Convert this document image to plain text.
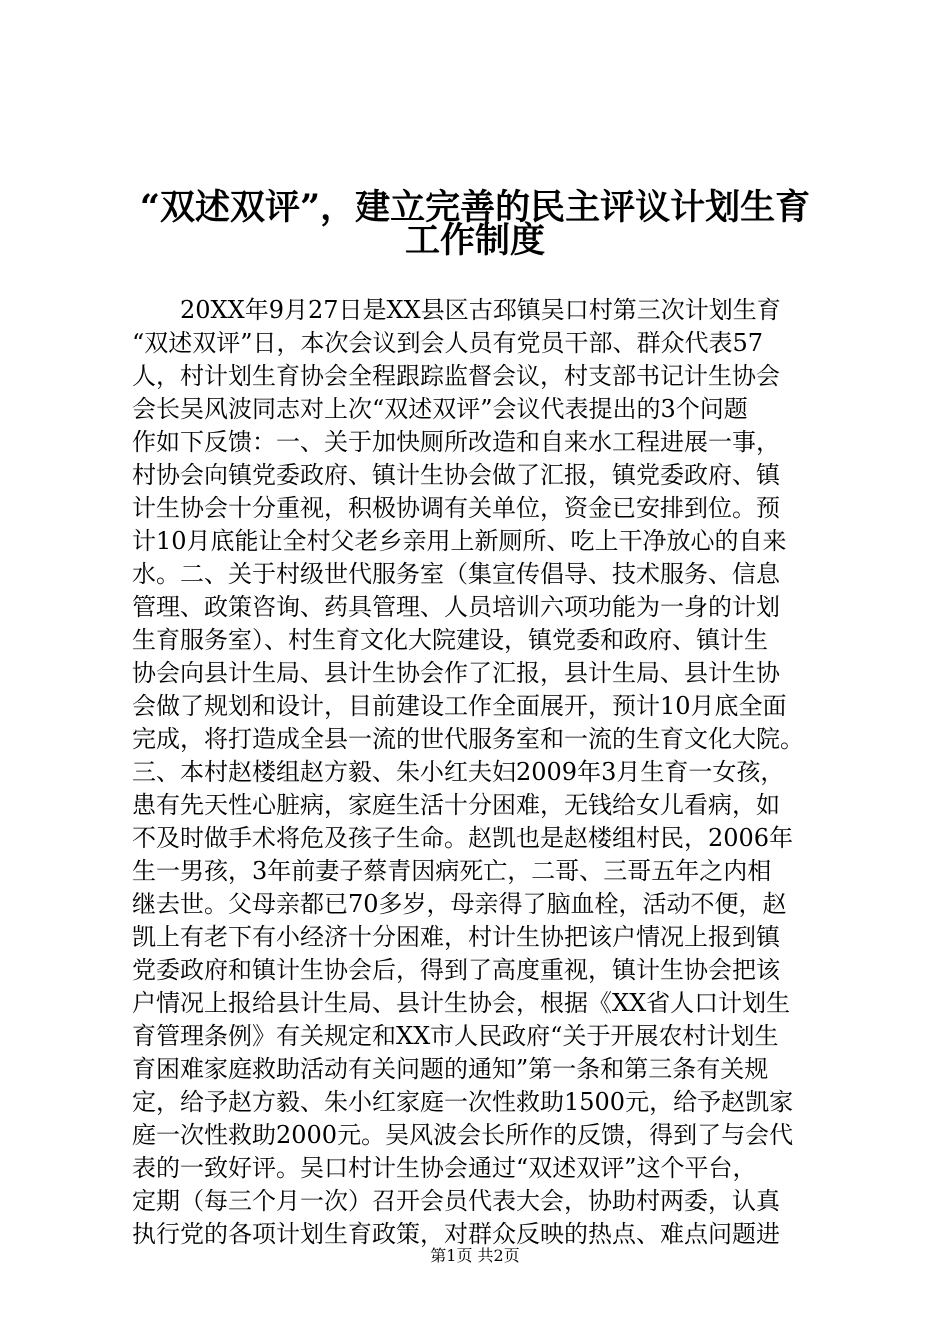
“双述双评”，建立完善的民主评议计划生育
工作制度
　　20XX年9月27日是XX县区古邳镇吴口村第三次计划生育
“双述双评”日，本次会议到会人员有党员干部、群众代表57
人，村计划生育协会全程跟踪监督会议，村支部书记计生协会
会长吴风波同志对上次“双述双评”会议代表提出的3个问题
作如下反馈：一、关于加快厕所改造和自来水工程进展一事，
村协会向镇党委政府、镇计生协会做了汇报，镇党委政府、镇
计生协会十分重视，积极协调有关单位，资金已安排到位。预
计10月底能让全村父老乡亲用上新厕所、吃上干净放心的自来
水。二、关于村级世代服务室（集宣传倡导、技术服务、信息
管理、政策咨询、药具管理、人员培训六项功能为一身的计划
生育服务室）、村生育文化大院建设，镇党委和政府、镇计生
协会向县计生局、县计生协会作了汇报，县计生局、县计生协
会做了规划和设计，目前建设工作全面展开，预计10月底全面
完成，将打造成全县一流的世代服务室和一流的生育文化大院。
三、本村赵楼组赵方毅、朱小红夫妇2009年3月生育一女孩，
患有先天性心脏病，家庭生活十分困难，无钱给女儿看病，如
不及时做手术将危及孩子生命。赵凯也是赵楼组村民，2006年
生一男孩，3年前妻子蔡青因病死亡，二哥、三哥五年之内相
继去世。父母亲都已70多岁，母亲得了脑血栓，活动不便，赵
凯上有老下有小经济十分困难，村计生协把该户情况上报到镇
党委政府和镇计生协会后，得到了高度重视，镇计生协会把该
户情况上报给县计生局、县计生协会，根据《XX省人口计划生
育管理条例》有关规定和XX市人民政府“关于开展农村计划生
育困难家庭救助活动有关问题的通知”第一条和第三条有关规
定，给予赵方毅、朱小红家庭一次性救助1500元，给予赵凯家
庭一次性救助2000元。吴风波会长所作的反馈，得到了与会代
表的一致好评。吴口村计生协会通过“双述双评”这个平台，
定期（每三个月一次）召开会员代表大会，协助村两委，认真
执行党的各项计划生育政策，对群众反映的热点、难点问题进
第1页 共2页
